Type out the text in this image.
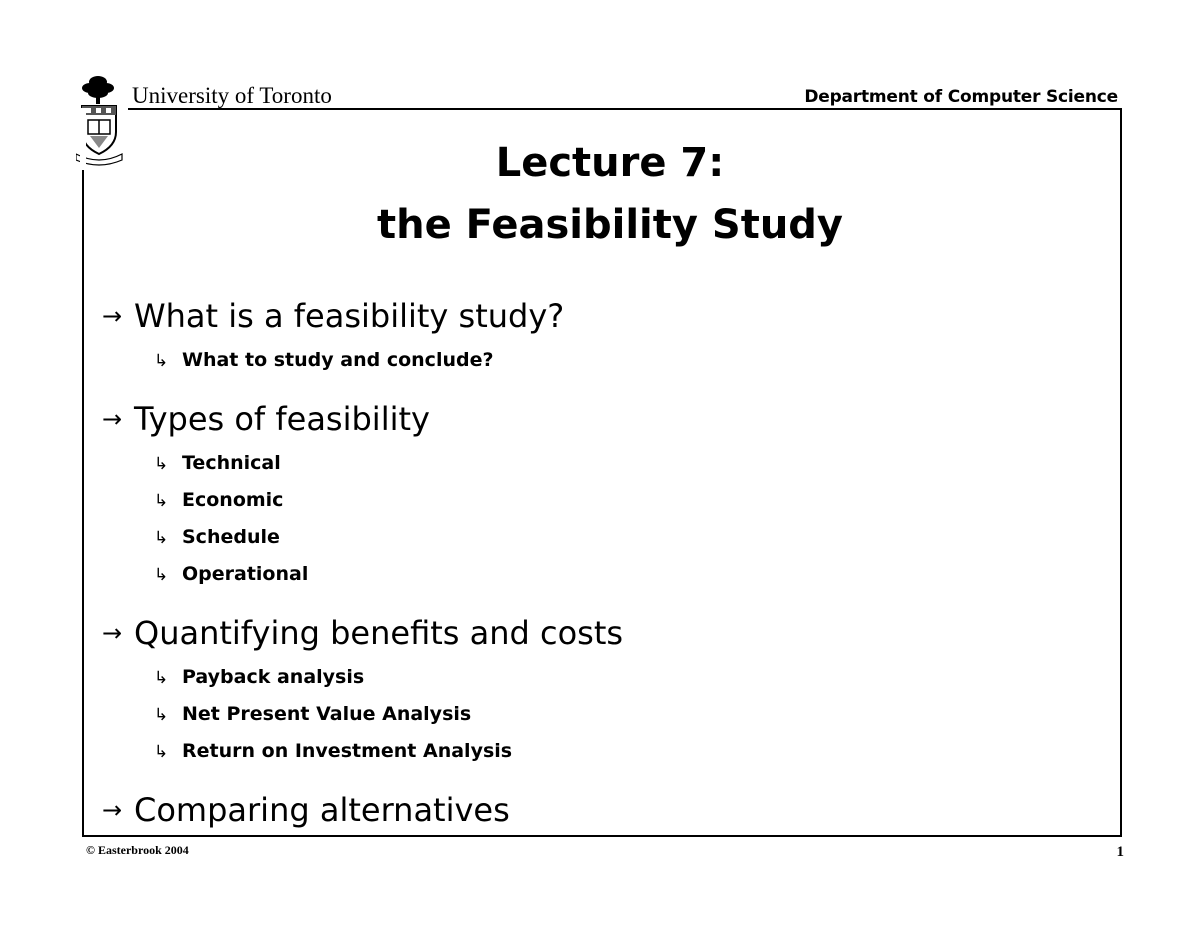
University of Toronto	Department of Computer Science
Lecture 7:
the Feasibility Study
→ What is a feasibility study?
↳ What to study and conclude?
→ Types of feasibility
↳ Technical
↳ Economic
↳ Schedule
↳ Operational
→ Quantifying benefits and costs
↳ Payback analysis
↳ Net Present Value Analysis
↳ Return on Investment Analysis
→ Comparing alternatives
© Easterbrook 2004	1
